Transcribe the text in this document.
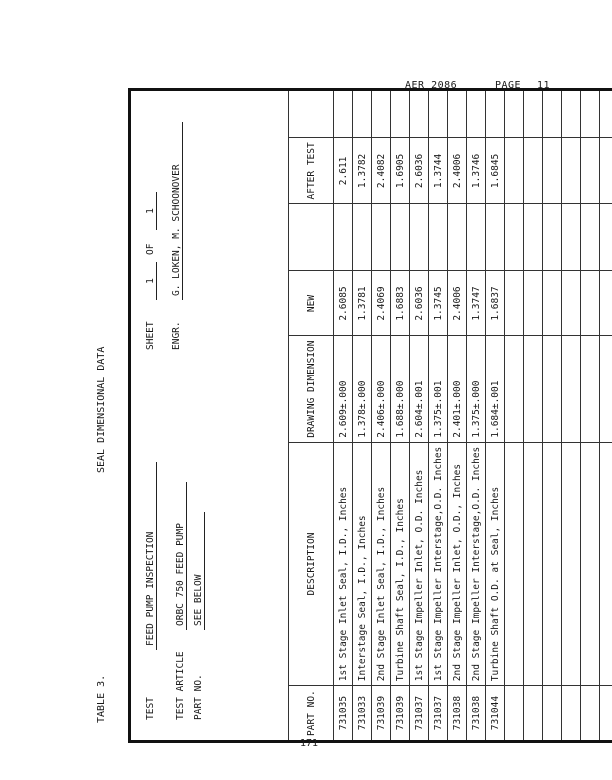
AER 2086	PAGE 11
TABLE 3.
SEAL DIMENSIONAL DATA
TEST
FEED PUMP INSPECTION
TEST ARTICLE
ORBC 750 FEED PUMP
PART NO.
SEE BELOW
SHEET
1
OF
1
ENGR.
G. LOKEN, M. SCHOONOVER
PART NO.	DESCRIPTION	DRAWING DIMENSION	NEW		AFTER TEST	
731035	1st Stage Inlet Seal, I.D., Inches	2.609±.000	2.6085		2.611	
731033	Interstage Seal, I.D., Inches	1.378±.000	1.3781		1.3782	
731039	2nd Stage Inlet Seal, I.D., Inches	2.406±.000	2.4069		2.4082	
731039	Turbine Shaft Seal, I.D., Inches	1.688±.000	1.6883		1.6905	
731037	1st Stage Impeller Inlet, O.D. Inches	2.604±.001	2.6036		2.6036	
731037	1st Stage Impeller Interstage,O.D. Inches	1.375±.001	1.3745		1.3744	
731038	2nd Stage Impeller Inlet, O.D., Inches	2.401±.000	2.4006		2.4006	
731038	2nd Stage Impeller Interstage,O.D. Inches	1.375±.000	1.3747		1.3746	
731044	Turbine Shaft O.D. at Seal, Inches	1.684±.001	1.6837		1.6845	

171
